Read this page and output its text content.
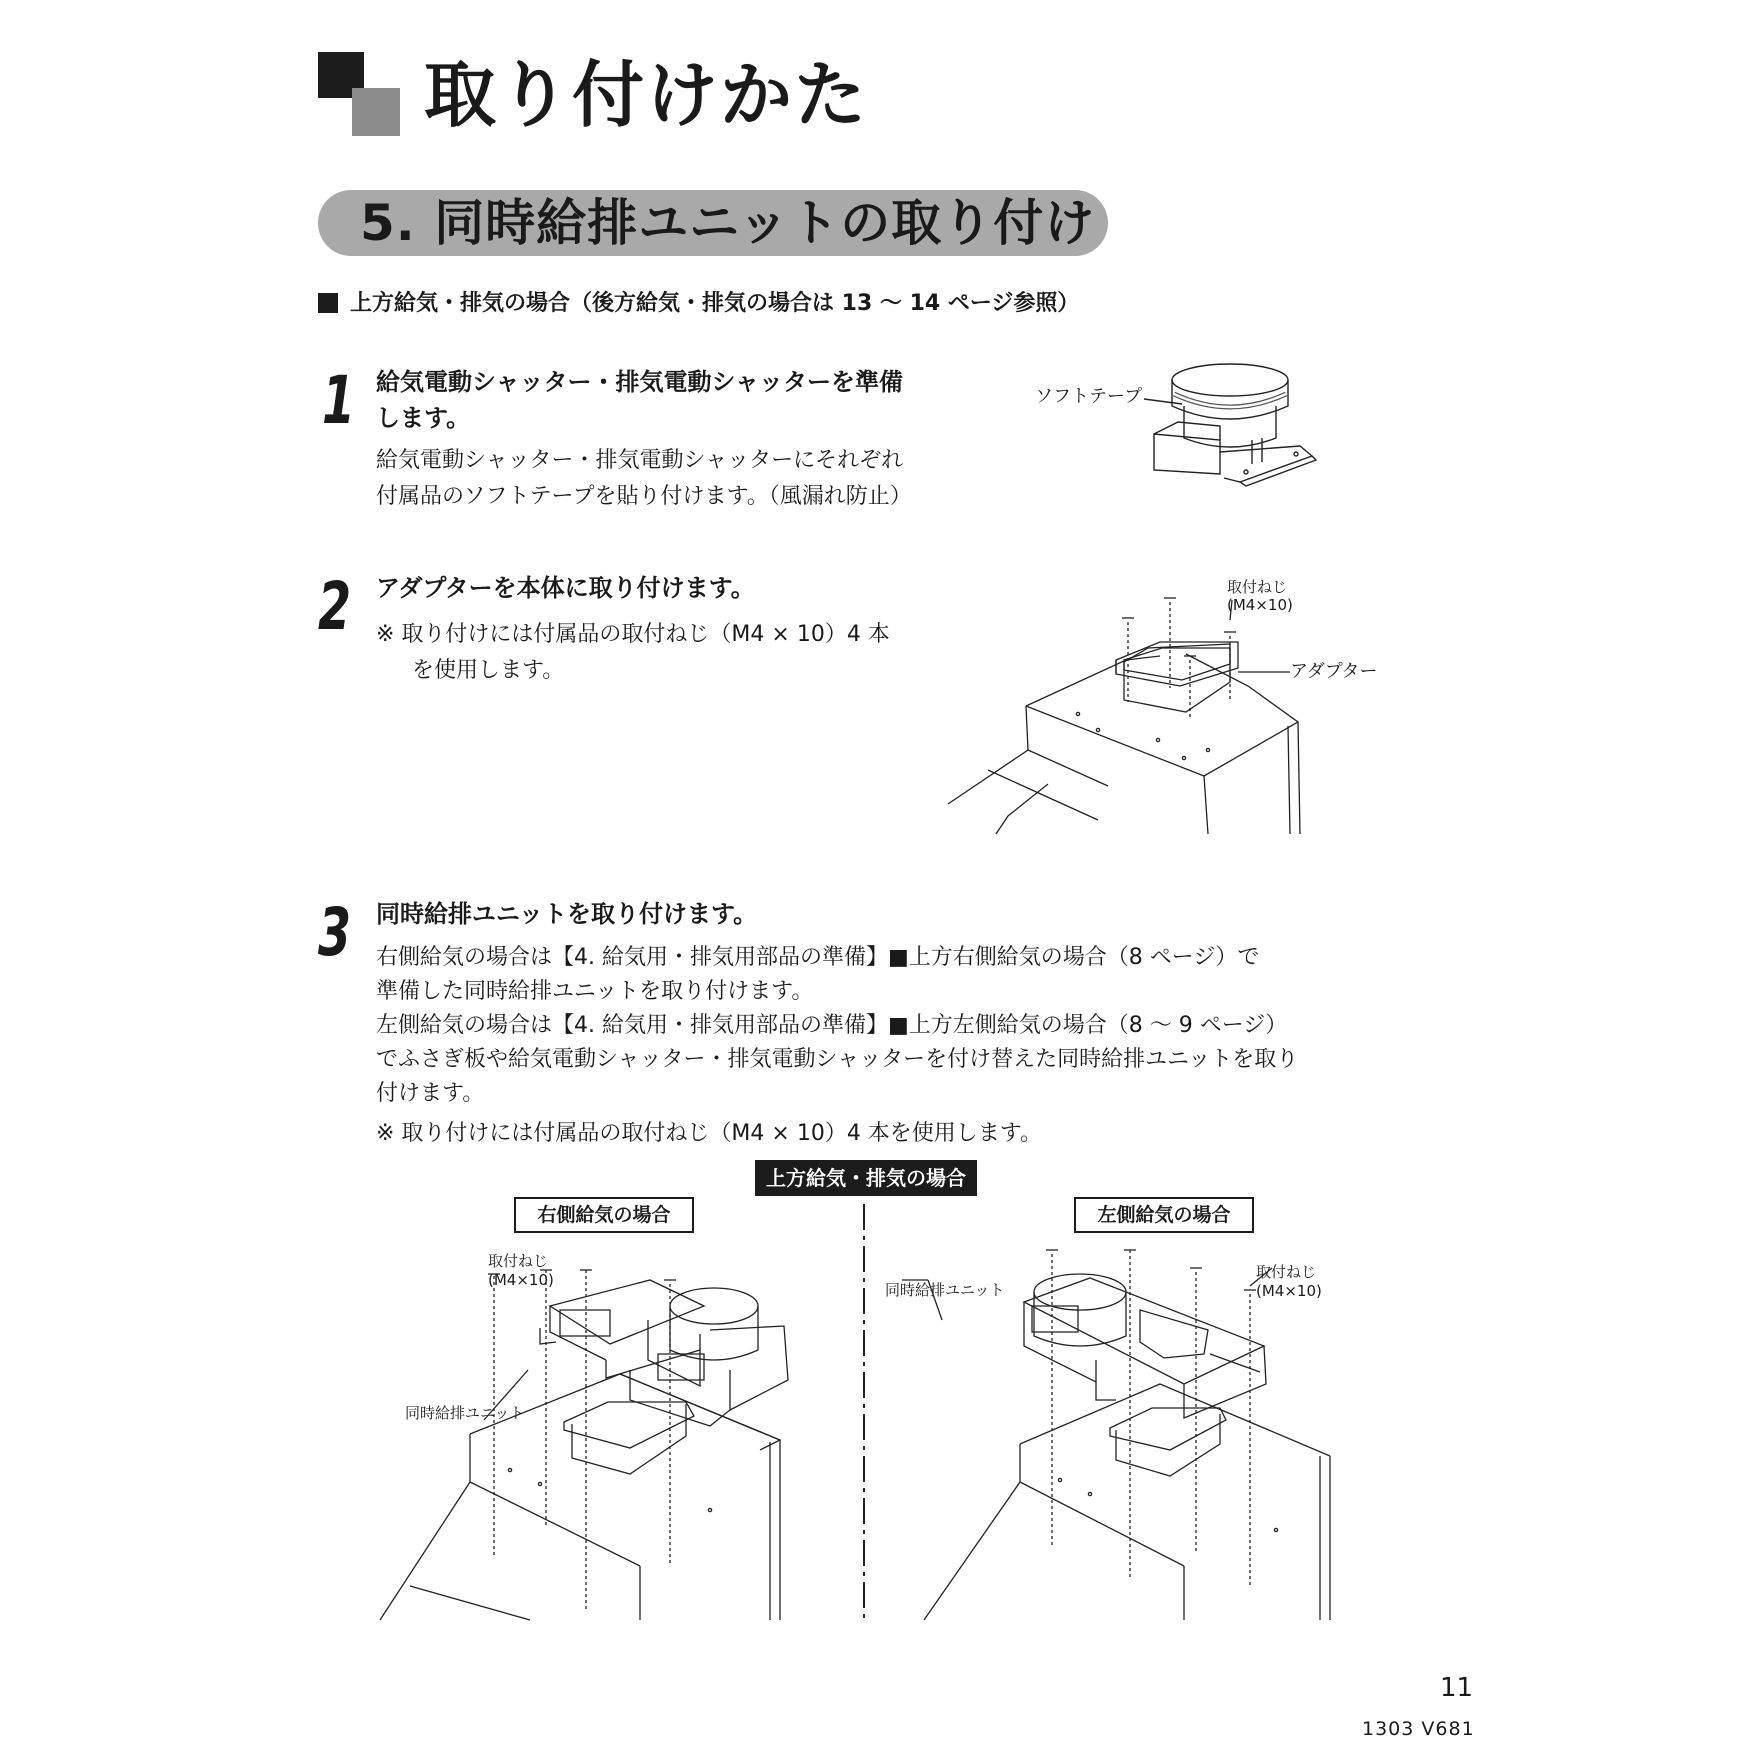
取り付けかた
5. 同時給排ユニットの取り付け
上方給気・排気の場合（後方給気・排気の場合は 13 〜 14 ページ参照）
1 給気電動シャッター・排気電動シャッターを準備
します。
給気電動シャッター・排気電動シャッターにそれぞれ
付属品のソフトテープを貼り付けます。（風漏れ防止）
ソフトテープ
2 アダプターを本体に取り付けます。
※ 取り付けには付属品の取付ねじ（M4 × 10）4 本
を使用します。
取付ねじ
(M4×10)
アダプター
3 同時給排ユニットを取り付けます。
右側給気の場合は【4. 給気用・排気用部品の準備】■上方右側給気の場合（8 ページ）で
準備した同時給排ユニットを取り付けます。
左側給気の場合は【4. 給気用・排気用部品の準備】■上方左側給気の場合（8 〜 9 ページ）
でふさぎ板や給気電動シャッター・排気電動シャッターを付け替えた同時給排ユニットを取り
付けます。
※ 取り付けには付属品の取付ねじ（M4 × 10）4 本を使用します。
上方給気・排気の場合
右側給気の場合	左側給気の場合
取付ねじ
(M4×10)
同時給排ユニット
取付ねじ
(M4×10)
同時給排ユニット
11
1303 V681
